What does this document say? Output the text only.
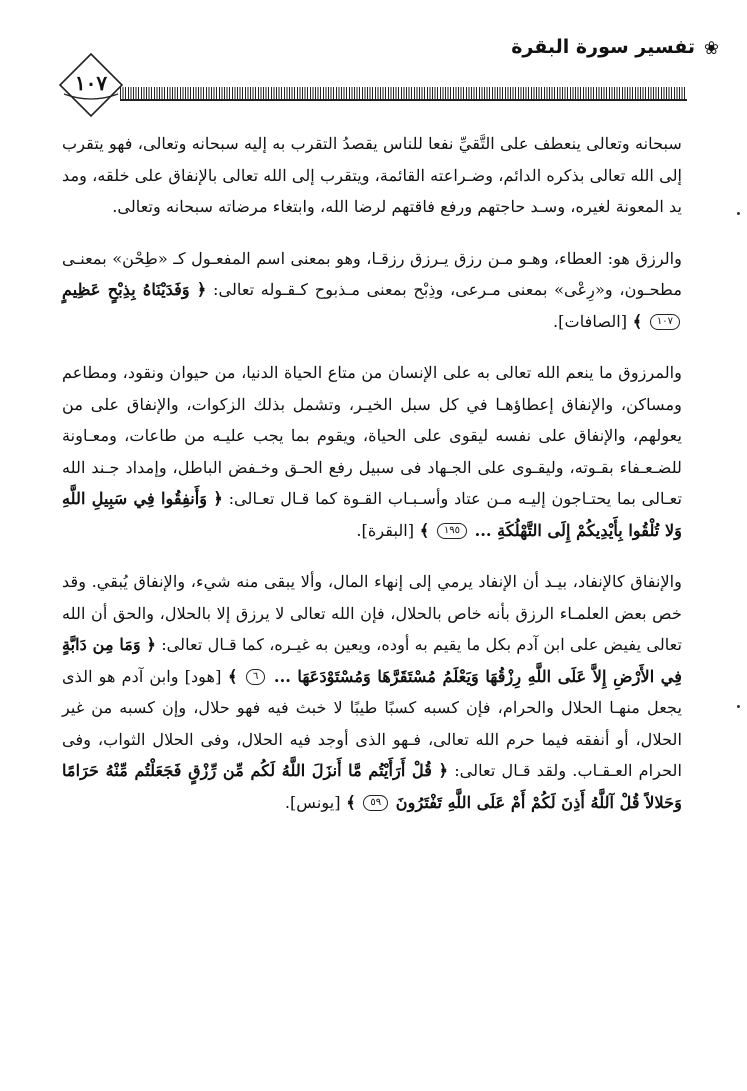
❀
تفسير سورة البقرة
١٠٧

سبحانه وتعالى ينعطف على التَّقيِّ نفعا للناس يقصدُ التقرب به إليه سبحانه وتعالى، فهو يتقرب إلى الله تعالى بذكره الدائم، وضـراعته القائمة، ويتقرب إلى الله تعالى بالإنفاق على خلقه، ومد يد المعونة لغيره، وسـد حاجتهم ورفع فاقتهم لرضا الله، وابتغاء مرضاته سبحانه وتعالى.

والرزق هو: العطاء، وهـو مـن رزق يـرزق رزقـا، وهو بمعنى اسم المفعـول كـ «طِحْن» بمعنـى مطحـون، و«رِعْى» بمعنى مـرعى، وذِبْح بمعنى مـذبوح كـقـوله تعالى: ﴿ وَفَدَيْنَاهُ بِذِبْحٍ عَظِيمٍ ١٠٧ ﴾ [الصافات].

والمرزوق ما ينعم الله تعالى به على الإنسان من متاع الحياة الدنيا، من حيوان ونقود، ومطاعم ومساكن، والإنفاق إعطاؤهـا في كل سبل الخيـر، وتشمل بذلك الزكوات، والإنفاق على من يعولهم، والإنفاق على نفسه ليقوى على الحياة، ويقوم بما يجب عليـه من طاعات، ومعـاونة للضـعـفاء بقـوته، وليقـوى على الجـهاد فى سبيل رفع الحـق وخـفض الباطل، وإمداد جـند الله تعـالى بما يحتـاجون إليـه مـن عتاد وأسـبـاب القـوة كما قـال تعـالى: ﴿ وَأَنفِقُوا فِي سَبِيلِ اللَّهِ وَلا تُلْقُوا بِأَيْدِيكُمْ إِلَى التَّهْلُكَةِ ... ١٩٥ ﴾ [البقرة].

والإنفاق كالإنفاد، بيـد أن الإنفاد يرمي إلى إنهاء المال، وألا يبقى منه شيء، والإنفاق يُبقي. وقد خص بعض العلمـاء الرزق بأنه خاص بالحلال، فإن الله تعالى لا يرزق إلا بالحلال، والحق أن الله تعالى يفيض على ابن آدم بكل ما يقيم به أوده، ويعين به غيـره، كما قـال تعالى: ﴿ وَمَا مِن دَابَّةٍ فِي الأَرْضِ إِلاَّ عَلَى اللَّهِ رِزْقُهَا وَيَعْلَمُ مُسْتَقَرَّهَا وَمُسْتَوْدَعَهَا ... ٦ ﴾ [هود] وابن آدم هو الذى يجعل منهـا الحلال والحرام، فإن كسبه كسبًا طيبًا لا خبث فيه فهو حلال، وإن كسبه من غير الحلال، أو أنفقه فيما حرم الله تعالى، فـهو الذى أوجد فيه الحلال، وفى الحلال الثواب، وفى الحرام العـقـاب. ولقد قـال تعالى: ﴿ قُلْ أَرَأَيْتُم مَّا أَنزَلَ اللَّهُ لَكُم مِّن رِّزْقٍ فَجَعَلْتُم مِّنْهُ حَرَامًا وَحَلالاً قُلْ آللَّهُ أَذِنَ لَكُمْ أَمْ عَلَى اللَّهِ تَفْتَرُونَ ٥٩ ﴾ [يونس].
